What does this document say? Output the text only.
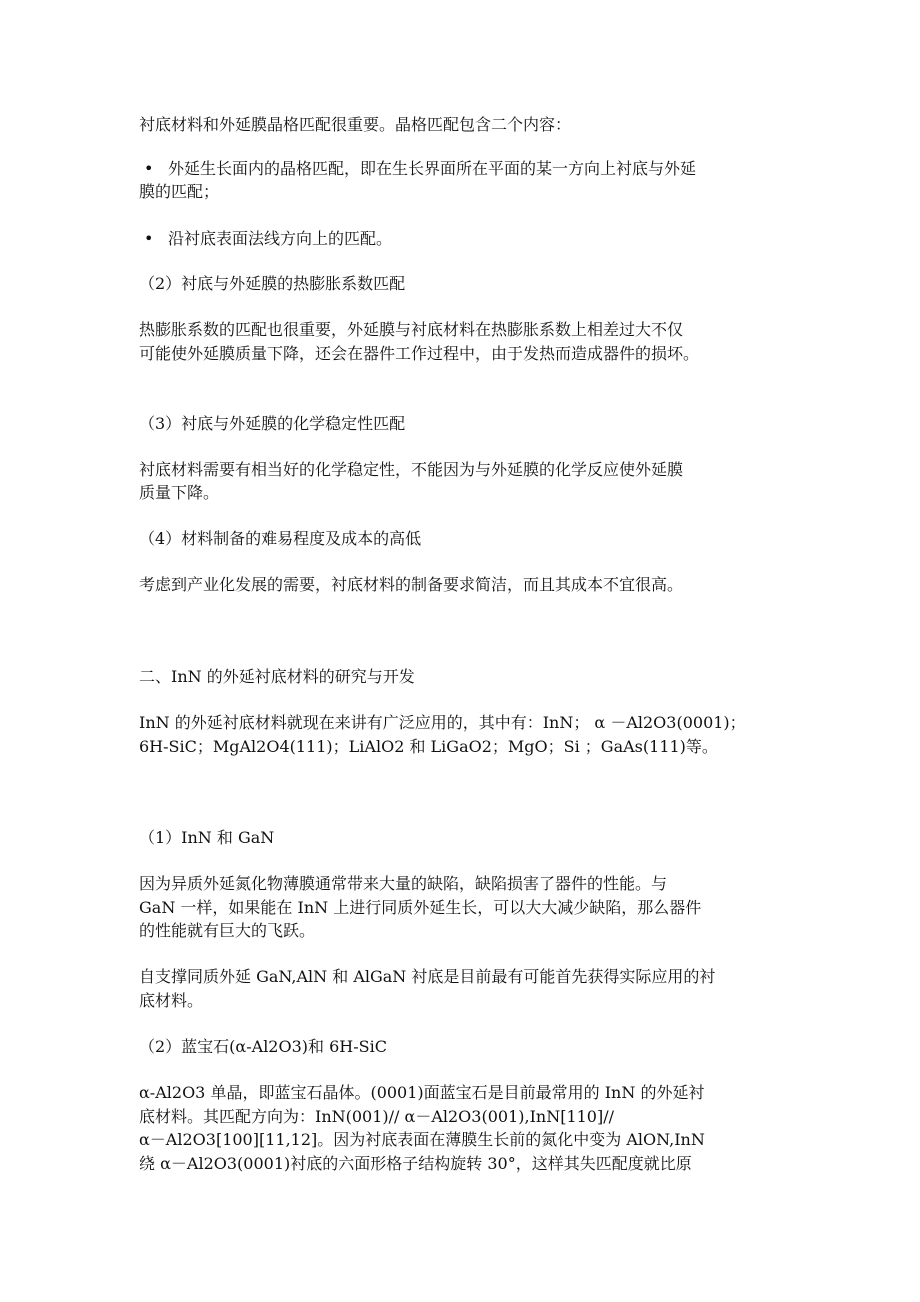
衬底材料和外延膜晶格匹配很重要。晶格匹配包含二个内容：
• 外延生长面内的晶格匹配，即在生长界面所在平面的某一方向上衬底与外延
膜的匹配；
• 沿衬底表面法线方向上的匹配。
（2）衬底与外延膜的热膨胀系数匹配
热膨胀系数的匹配也很重要，外延膜与衬底材料在热膨胀系数上相差过大不仅
可能使外延膜质量下降，还会在器件工作过程中，由于发热而造成器件的损坏。
（3）衬底与外延膜的化学稳定性匹配
衬底材料需要有相当好的化学稳定性，不能因为与外延膜的化学反应使外延膜
质量下降。
（4）材料制备的难易程度及成本的高低
考虑到产业化发展的需要，衬底材料的制备要求简洁，而且其成本不宜很高。
二、InN 的外延衬底材料的研究与开发
InN 的外延衬底材料就现在来讲有广泛应用的，其中有：InN； α －Al2O3(0001)；
6H-SiC；MgAl2O4(111)；LiAlO2 和 LiGaO2；MgO；Si ；GaAs(111)等。
（1）InN 和 GaN
因为异质外延氮化物薄膜通常带来大量的缺陷，缺陷损害了器件的性能。与
GaN 一样，如果能在 InN 上进行同质外延生长，可以大大减少缺陷，那么器件
的性能就有巨大的飞跃。
自支撑同质外延 GaN,AlN 和 AlGaN 衬底是目前最有可能首先获得实际应用的衬
底材料。
（2）蓝宝石(α-Al2O3)和 6H-SiC
α-Al2O3 单晶，即蓝宝石晶体。(0001)面蓝宝石是目前最常用的 InN 的外延衬
底材料。其匹配方向为：InN(001)// α－Al2O3(001),InN[110]//
α－Al2O3[100][11,12]。因为衬底表面在薄膜生长前的氮化中变为 AlON,InN
绕 α－Al2O3(0001)衬底的六面形格子结构旋转 30°，这样其失匹配度就比原
